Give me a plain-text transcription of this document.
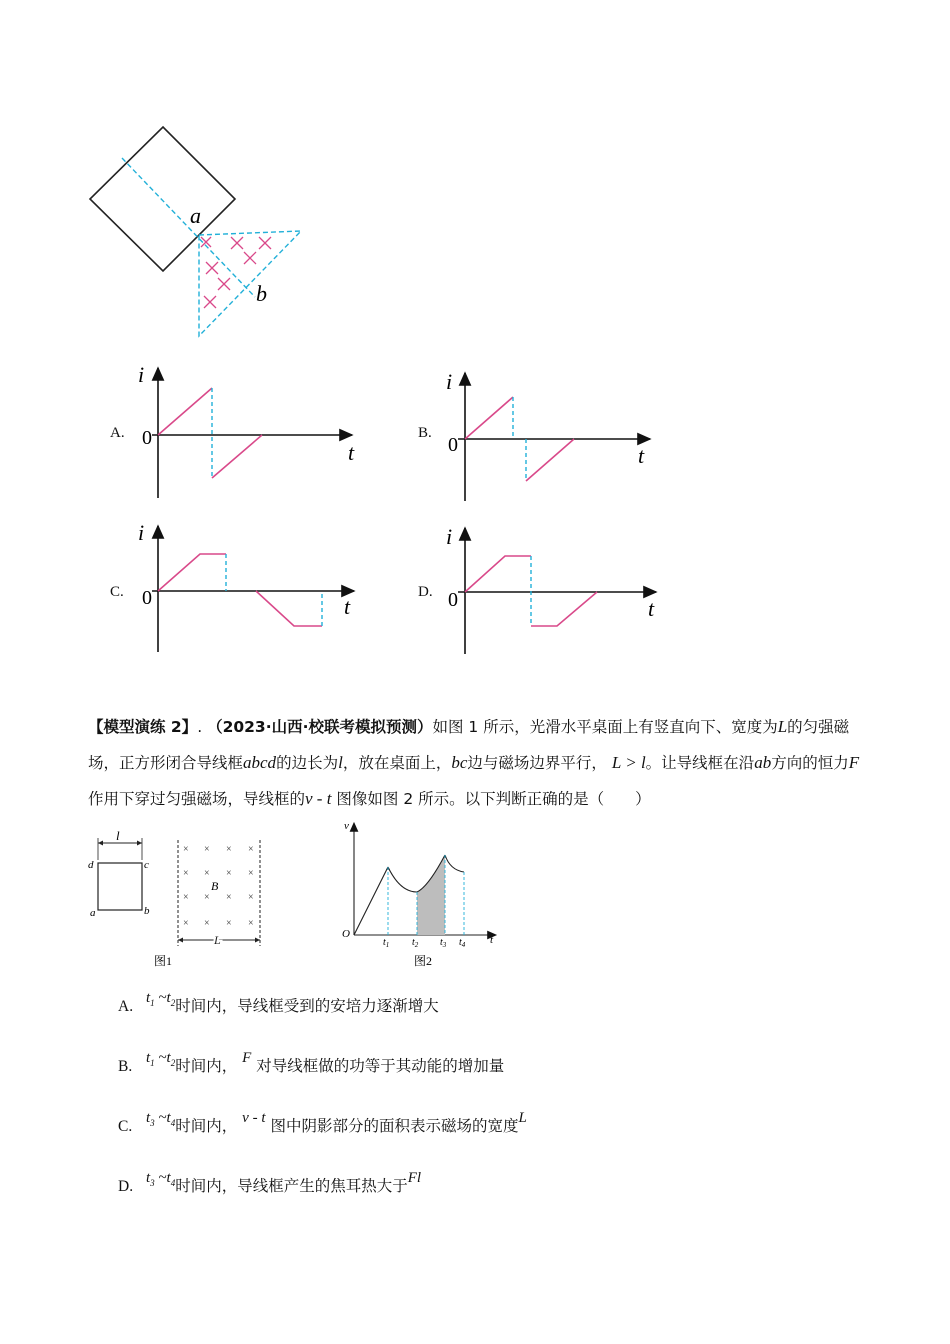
a
b
A.
i
t
0	B.
i
t
0
C.
i
t
0	D.
i
t
0
【模型演练 2】. （2023·山西·校联考模拟预测）如图 1 所示，光滑水平桌面上有竖直向下、宽度为L的匀强磁场，正方形闭合导线框abcd的边长为l，放在桌面上，bc边与磁场边界平行， L > l。让导线框在沿ab方向的恒力F 作用下穿过匀强磁场，导线框的v - t 图像如图 2 所示。以下判断正确的是（　　）
l
d	c
a	b
× × × ×
× × × ×
× × × ×
× × × ×
B
L
图1
v
O	t
$t_1$ $t_2$ $t_3$ $t_4$
图2
A. $t_1$ $\sim t_2$时间内，导线框受到的安培力逐渐增大
B. $t_1$ $\sim t_2$时间内， F 对导线框做的功等于其动能的增加量
C. $t_3$ $\sim t_4$时间内， v - t 图中阴影部分的面积表示磁场的宽度L
D. $t_3$ $\sim t_4$时间内，导线框产生的焦耳热大于Fl
